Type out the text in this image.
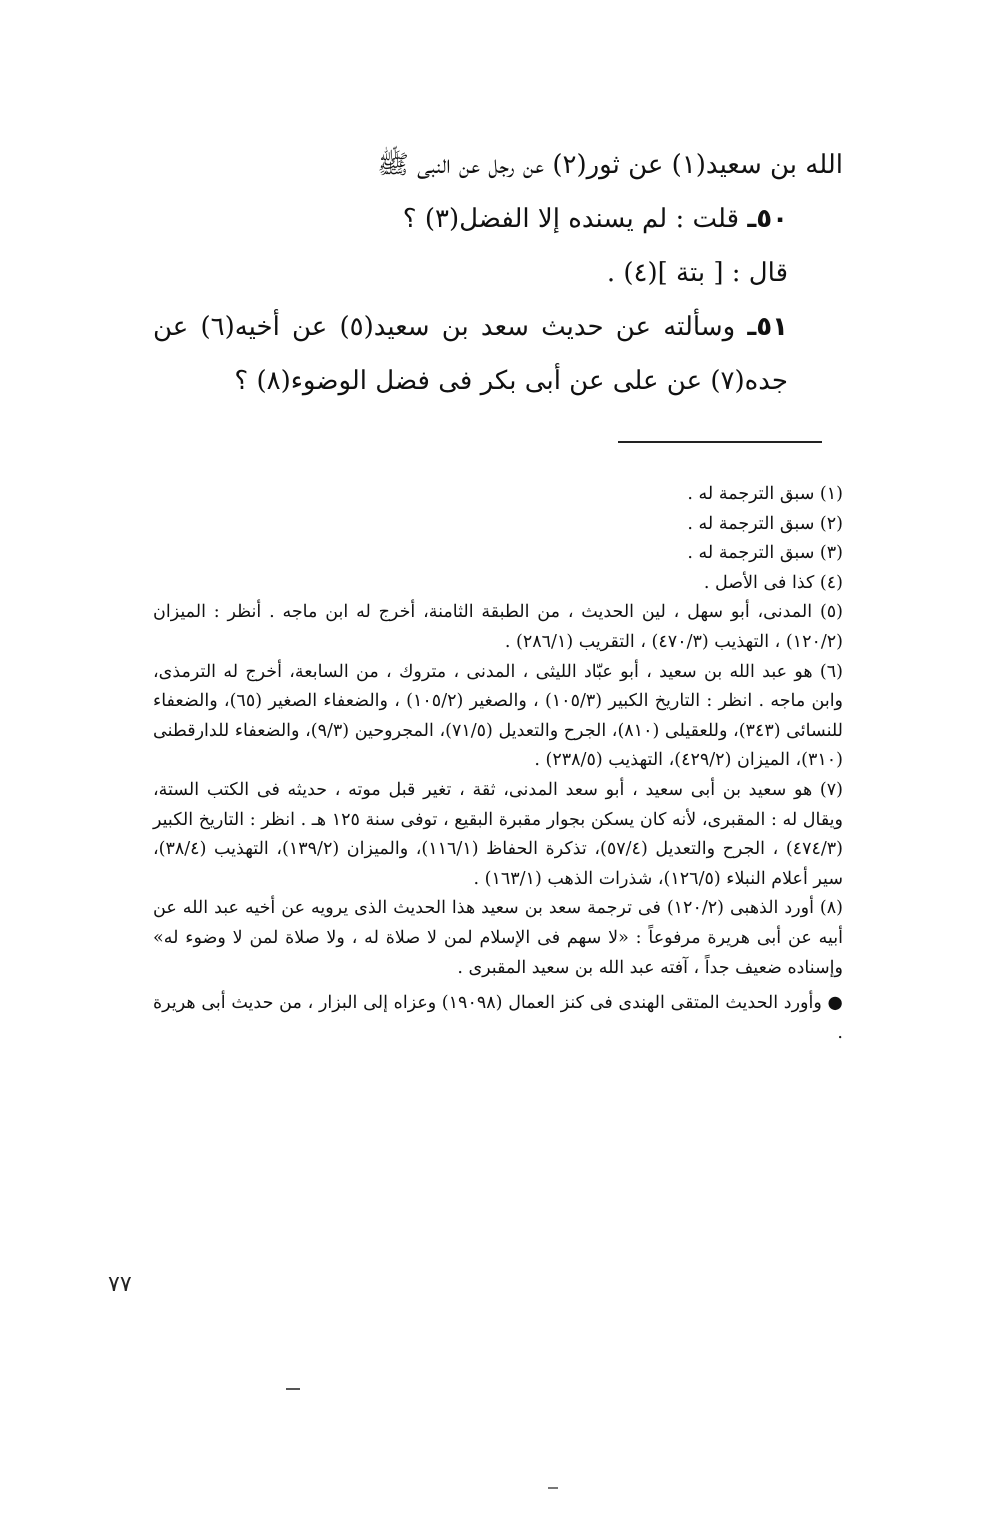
الله بن سعيد(١) عن ثور(٢) عن رجل عن النبى ﷺ

٥٠ـ قلت : لم يسنده إلا الفضل(٣) ؟

قال : [ بتة ](٤) .

٥١ـ وسألته عن حديث سعد بن سعيد(٥) عن أخيه(٦) عن جده(٧) عن على عن أبى بكر فى فضل الوضوء(٨) ؟

(١) سبق الترجمة له .

(٢) سبق الترجمة له .

(٣) سبق الترجمة له .

(٤) كذا فى الأصل .

(٥) المدنى، أبو سهل ، لين الحديث ، من الطبقة الثامنة، أخرج له ابن ماجه . أنظر : الميزان (١٢٠/٢) ، التهذيب (٤٧٠/٣) ، التقريب (٢٨٦/١) .

(٦) هو عبد الله بن سعيد ، أبو عبّاد الليثى ، المدنى ، متروك ، من السابعة، أخرج له الترمذى، وابن ماجه . انظر : التاريخ الكبير (١٠٥/٣) ، والصغير (١٠٥/٢) ، والضعفاء الصغير (٦٥)، والضعفاء للنسائى (٣٤٣)، وللعقيلى (٨١٠)، الجرح والتعديل (٧١/٥)، المجروحين (٩/٣)، والضعفاء للدارقطنى (٣١٠)، الميزان (٤٢٩/٢)، التهذيب (٢٣٨/٥) .

(٧) هو سعيد بن أبى سعيد ، أبو سعد المدنى، ثقة ، تغير قبل موته ، حديثه فى الكتب الستة، ويقال له : المقبرى، لأنه كان يسكن بجوار مقبرة البقيع ، توفى سنة ١٢٥ هـ . انظر : التاريخ الكبير (٤٧٤/٣) ، الجرح والتعديل (٥٧/٤)، تذكرة الحفاظ (١١٦/١)، والميزان (١٣٩/٢)، التهذيب (٣٨/٤)، سير أعلام النبلاء (١٢٦/٥)، شذرات الذهب (١٦٣/١) .

(٨) أورد الذهبى (١٢٠/٢) فى ترجمة سعد بن سعيد هذا الحديث الذى يرويه عن أخيه عبد الله عن أبيه عن أبى هريرة مرفوعاً : «لا سهم فى الإسلام لمن لا صلاة له ، ولا صلاة لمن لا وضوء له» وإسناده ضعيف جداً ، آفته عبد الله بن سعيد المقبرى .

● وأورد الحديث المتقى الهندى فى كنز العمال (١٩٠٩٨) وعزاه إلى البزار ، من حديث أبى هريرة .

٧٧
